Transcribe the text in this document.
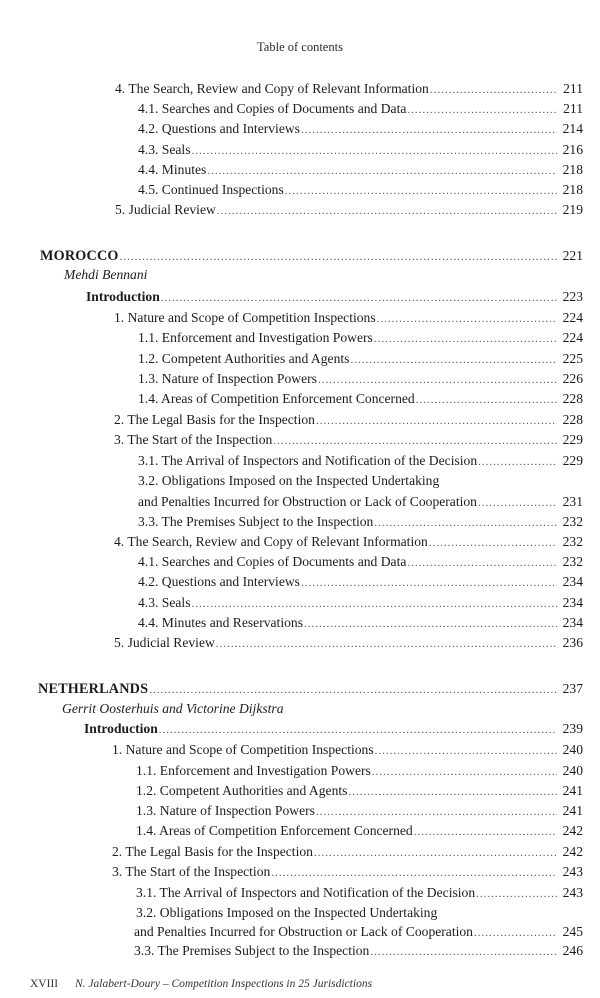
Table of contents
4. The Search, Review and Copy of Relevant Information .....	211
4.1. Searches and Copies of Documents and Data .....	211
4.2. Questions and Interviews .....	214
4.3. Seals .....	216
4.4. Minutes .....	218
4.5. Continued Inspections .....	218
5. Judicial Review .....	219
MOROCCO .....	221
Mehdi Bennani
Introduction .....	223
1. Nature and Scope of Competition Inspections .....	224
1.1. Enforcement and Investigation Powers .....	224
1.2. Competent Authorities and Agents .....	225
1.3. Nature of Inspection Powers .....	226
1.4. Areas of Competition Enforcement Concerned .....	228
2. The Legal Basis for the Inspection .....	228
3. The Start of the Inspection .....	229
3.1. The Arrival of Inspectors and Notification of the Decision .....	229
3.2. Obligations Imposed on the Inspected Undertaking
and Penalties Incurred for Obstruction or Lack of Cooperation .....	231
3.3. The Premises Subject to the Inspection .....	232
4. The Search, Review and Copy of Relevant Information .....	232
4.1. Searches and Copies of Documents and Data .....	232
4.2. Questions and Interviews .....	234
4.3. Seals .....	234
4.4. Minutes and Reservations .....	234
5. Judicial Review .....	236
NETHERLANDS .....	237
Gerrit Oosterhuis and Victorine Dijkstra
Introduction .....	239
1. Nature and Scope of Competition Inspections .....	240
1.1. Enforcement and Investigation Powers .....	240
1.2. Competent Authorities and Agents .....	241
1.3. Nature of Inspection Powers .....	241
1.4. Areas of Competition Enforcement Concerned .....	242
2. The Legal Basis for the Inspection .....	242
3. The Start of the Inspection .....	243
3.1. The Arrival of Inspectors and Notification of the Decision .....	243
3.2. Obligations Imposed on the Inspected Undertaking
and Penalties Incurred for Obstruction or Lack of Cooperation .....	245
3.3. The Premises Subject to the Inspection .....	246
XVIII N. Jalabert-Doury – Competition Inspections in 25 Jurisdictions
